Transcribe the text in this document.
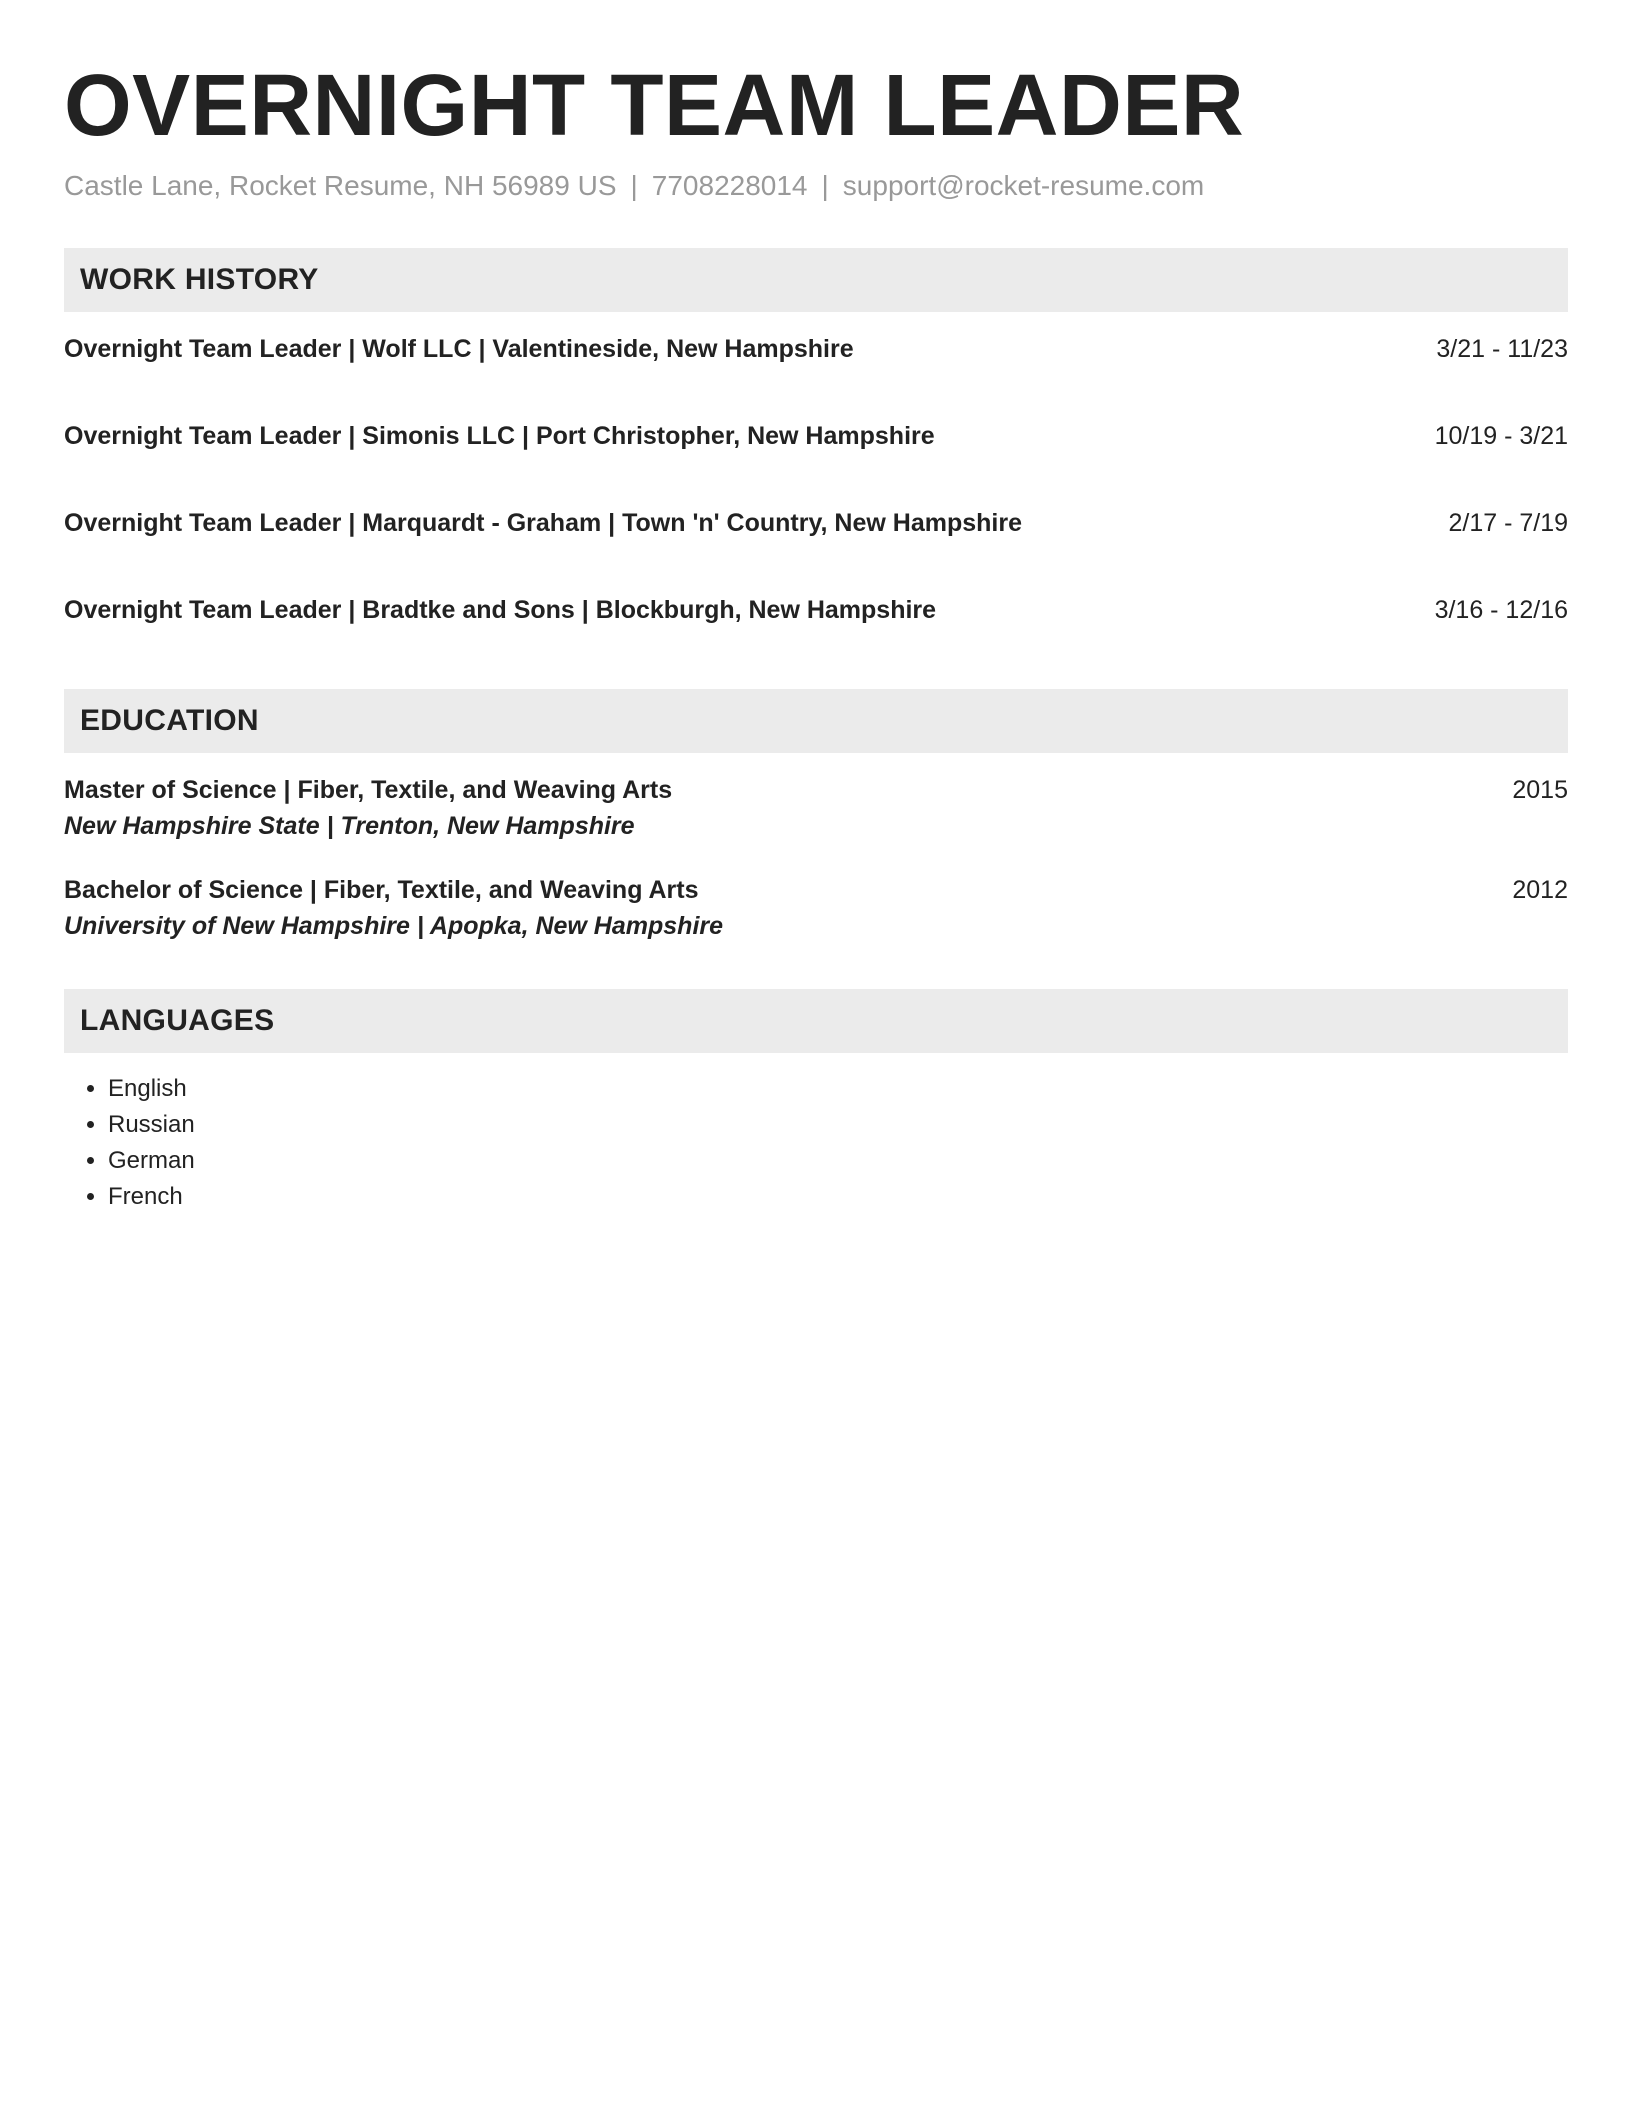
OVERNIGHT TEAM LEADER
Castle Lane, Rocket Resume, NH 56989 US | 7708228014 | support@rocket-resume.com
WORK HISTORY
Overnight Team Leader | Wolf LLC | Valentineside, New Hampshire	3/21 - 11/23
Overnight Team Leader | Simonis LLC | Port Christopher, New Hampshire	10/19 - 3/21
Overnight Team Leader | Marquardt - Graham | Town 'n' Country, New Hampshire	2/17 - 7/19
Overnight Team Leader | Bradtke and Sons | Blockburgh, New Hampshire	3/16 - 12/16
EDUCATION
Master of Science | Fiber, Textile, and Weaving Arts	2015
New Hampshire State | Trenton, New Hampshire
Bachelor of Science | Fiber, Textile, and Weaving Arts	2012
University of New Hampshire | Apopka, New Hampshire
LANGUAGES
• English
• Russian
• German
• French
